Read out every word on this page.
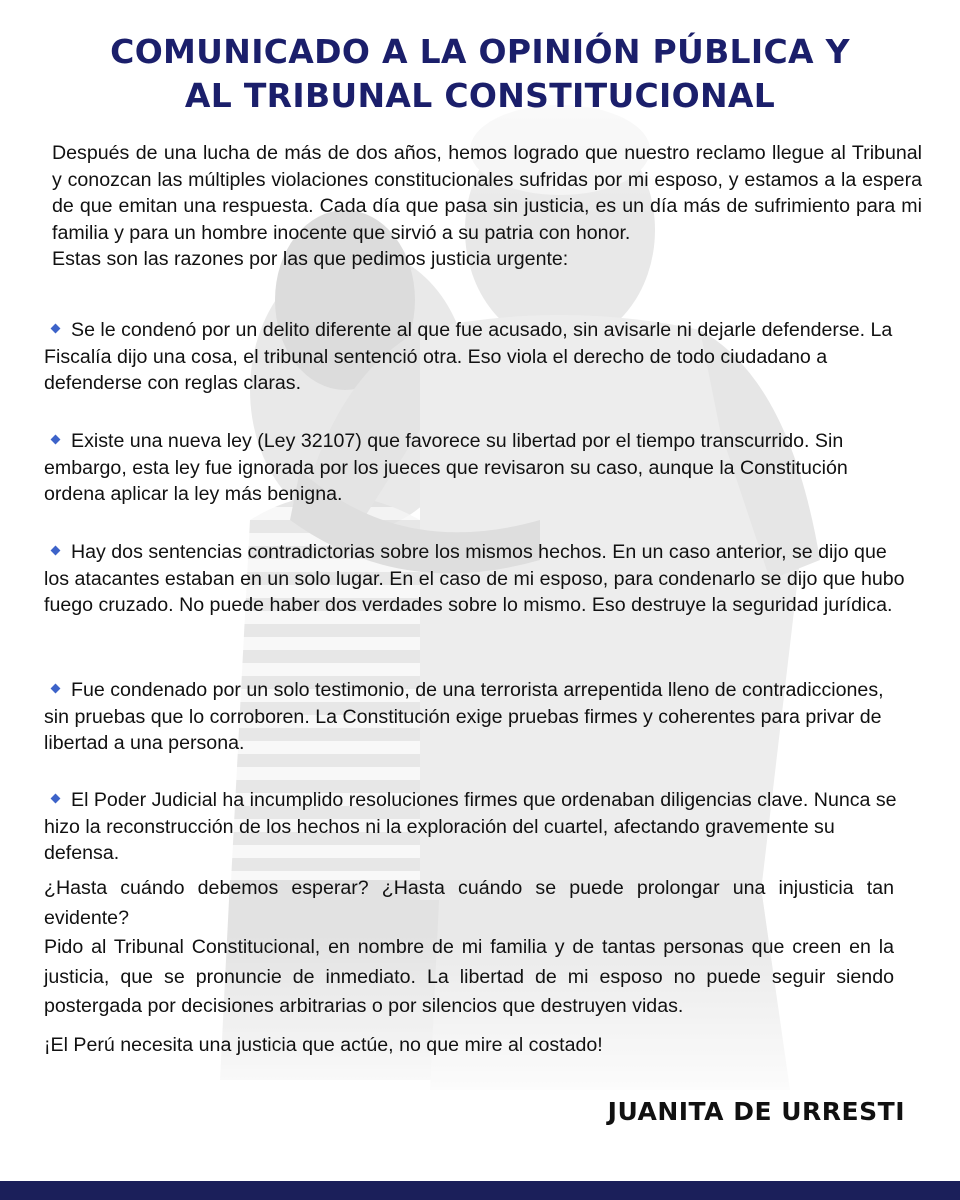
COMUNICADO A LA OPINIÓN PÚBLICA Y
AL TRIBUNAL CONSTITUCIONAL

Después de una lucha de más de dos años, hemos logrado que nuestro reclamo llegue al Tribunal y conozcan las múltiples violaciones constitucionales sufridas por mi esposo, y estamos a la espera de que emitan una respuesta. Cada día que pasa sin justicia, es un día más de sufrimiento para mi familia y para un hombre inocente que sirvió a su patria con honor.

Estas son las razones por las que pedimos justicia urgente:

Se le condenó por un delito diferente al que fue acusado, sin avisarle ni dejarle defenderse. La Fiscalía dijo una cosa, el tribunal sentenció otra. Eso viola el derecho de todo ciudadano a defenderse con reglas claras.

Existe una nueva ley (Ley 32107) que favorece su libertad por el tiempo transcurrido. Sin embargo, esta ley fue ignorada por los jueces que revisaron su caso, aunque la Constitución ordena aplicar la ley más benigna.

Hay dos sentencias contradictorias sobre los mismos hechos. En un caso anterior, se dijo que los atacantes estaban en un solo lugar. En el caso de mi esposo, para condenarlo se dijo que hubo fuego cruzado. No puede haber dos verdades sobre lo mismo. Eso destruye la seguridad jurídica.

Fue condenado por un solo testimonio, de una terrorista arrepentida lleno de contradicciones, sin pruebas que lo corroboren. La Constitución exige pruebas firmes y coherentes para privar de libertad a una persona.

El Poder Judicial ha incumplido resoluciones firmes que ordenaban diligencias clave. Nunca se hizo la reconstrucción de los hechos ni la exploración del cuartel, afectando gravemente su defensa.

¿Hasta cuándo debemos esperar? ¿Hasta cuándo se puede prolongar una injusticia tan evidente?

Pido al Tribunal Constitucional, en nombre de mi familia y de tantas personas que creen en la justicia, que se pronuncie de inmediato. La libertad de mi esposo no puede seguir siendo postergada por decisiones arbitrarias o por silencios que destruyen vidas.

¡El Perú necesita una justicia que actúe, no que mire al costado!

JUANITA DE URRESTI
